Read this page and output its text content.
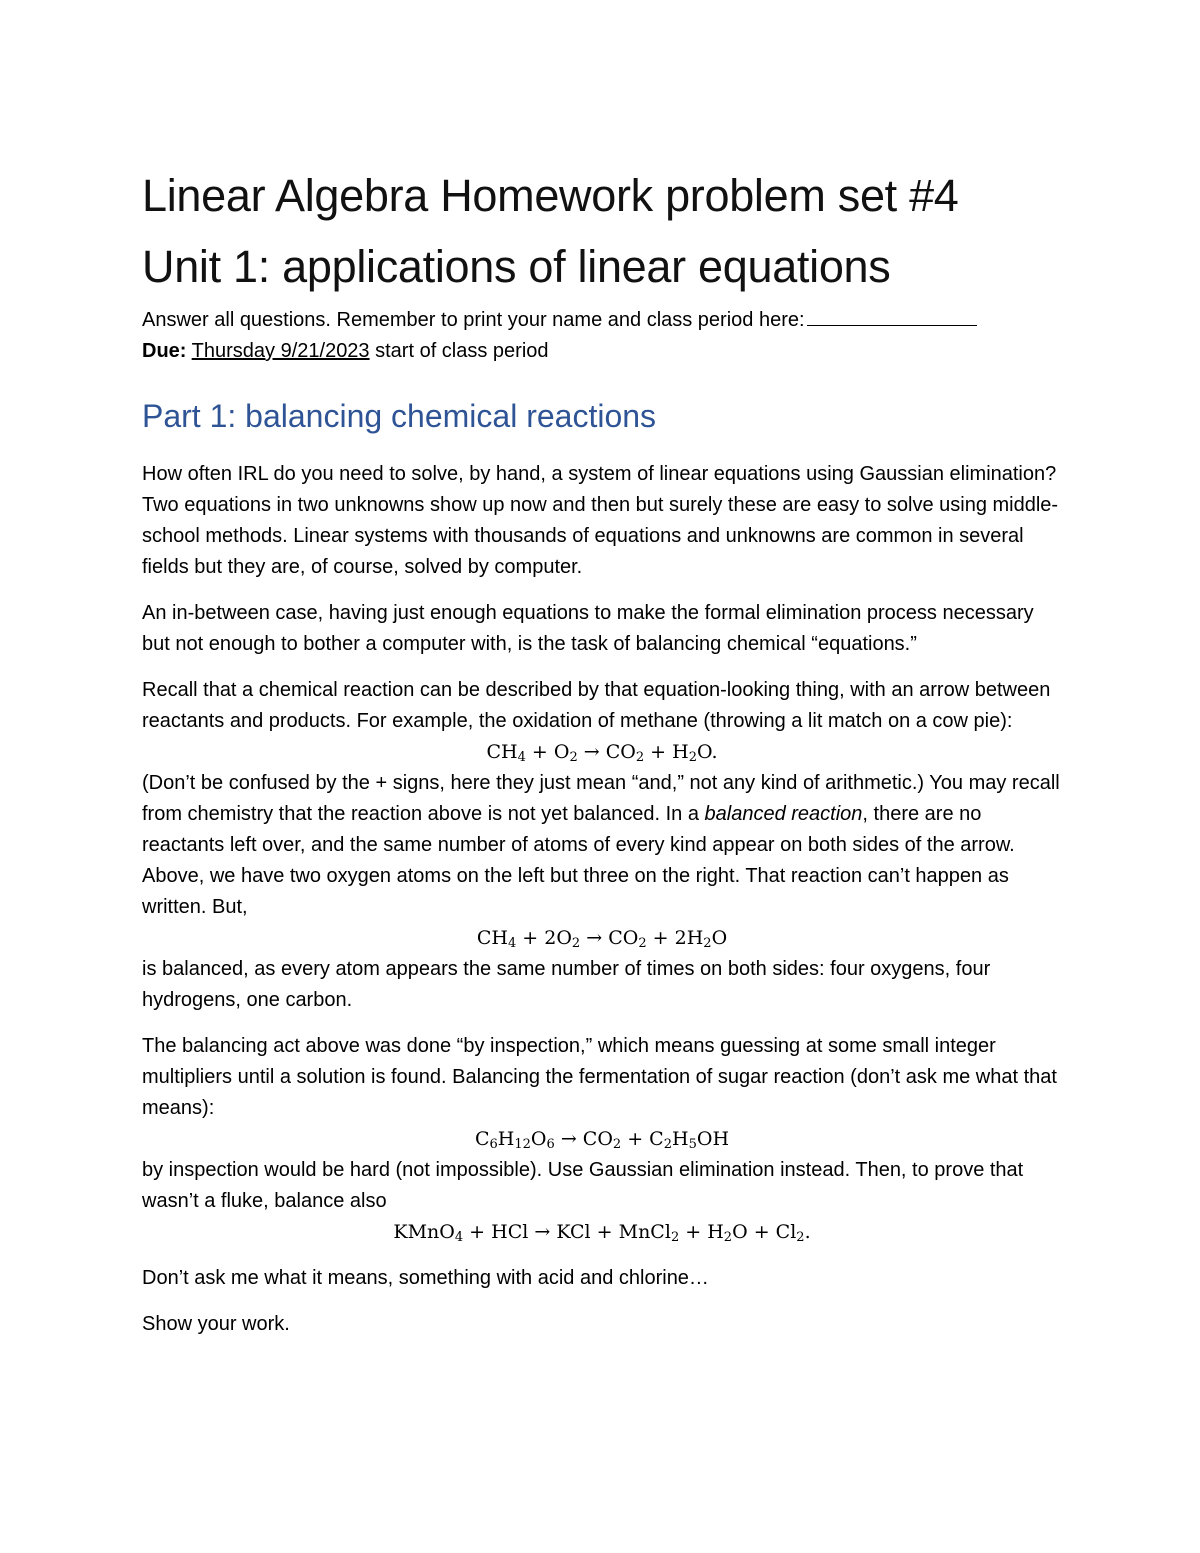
Linear Algebra Homework problem set #4
Unit 1: applications of linear equations
Answer all questions. Remember to print your name and class period here:
Due: Thursday 9/21/2023 start of class period
Part 1: balancing chemical reactions

How often IRL do you need to solve, by hand, a system of linear equations using Gaussian elimination? Two equations in two unknowns show up now and then but surely these are easy to solve using middle-school methods. Linear systems with thousands of equations and unknowns are common in several fields but they are, of course, solved by computer.

An in-between case, having just enough equations to make the formal elimination process necessary but not enough to bother a computer with, is the task of balancing chemical “equations.”

Recall that a chemical reaction can be described by that equation-looking thing, with an arrow between reactants and products. For example, the oxidation of methane (throwing a lit match on a cow pie):

$CH_4 + O_2 \to CO_2 + H_2O$.

(Don’t be confused by the + signs, here they just mean “and,” not any kind of arithmetic.) You may recall from chemistry that the reaction above is not yet balanced. In a balanced reaction, there are no reactants left over, and the same number of atoms of every kind appear on both sides of the arrow. Above, we have two oxygen atoms on the left but three on the right. That reaction can’t happen as written. But,

$CH_4 + 2O_2 \to CO_2 + 2H_2O$

is balanced, as every atom appears the same number of times on both sides: four oxygens, four hydrogens, one carbon.

The balancing act above was done “by inspection,” which means guessing at some small integer multipliers until a solution is found. Balancing the fermentation of sugar reaction (don’t ask me what that means):

$C_6H_{12}O_6 \to CO_2 + C_2H_5OH$

by inspection would be hard (not impossible). Use Gaussian elimination instead. Then, to prove that wasn’t a fluke, balance also

KMnO$_4$ + HCl → KCl + MnCl$_2$ + $H_2O + Cl_2$.

Don’t ask me what it means, something with acid and chlorine…

Show your work.
